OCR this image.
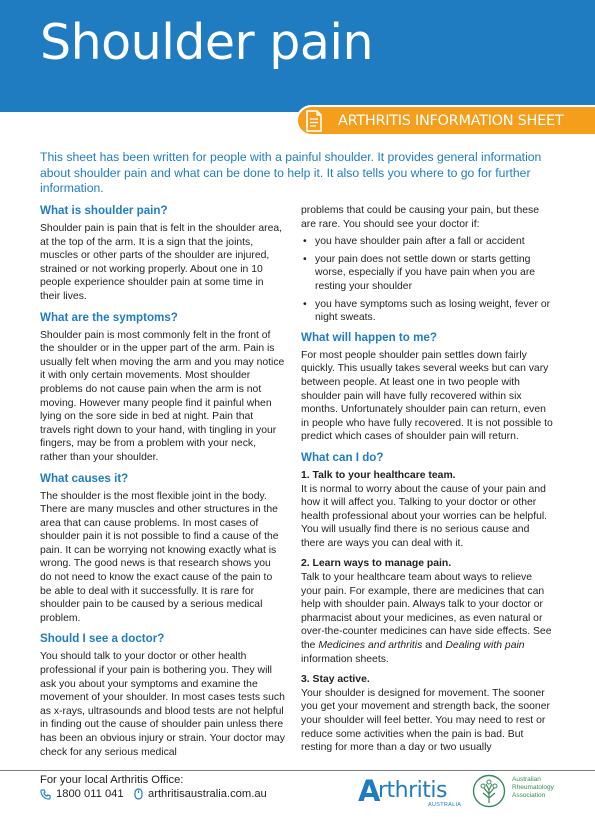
Shoulder pain
ARTHRITIS INFORMATION SHEET

This sheet has been written for people with a painful shoulder. It provides general information about shoulder pain and what can be done to help it. It also tells you where to go for further information.

What is shoulder pain?

Shoulder pain is pain that is felt in the shoulder area, at the top of the arm. It is a sign that the joints, muscles or other parts of the shoulder are injured, strained or not working properly. About one in 10 people experience shoulder pain at some time in their lives.

What are the symptoms?

Shoulder pain is most commonly felt in the front of the shoulder or in the upper part of the arm. Pain is usually felt when moving the arm and you may notice it with only certain movements. Most shoulder problems do not cause pain when the arm is not moving. However many people find it painful when lying on the sore side in bed at night. Pain that travels right down to your hand, with tingling in your fingers, may be from a problem with your neck, rather than your shoulder.

What causes it?

The shoulder is the most flexible joint in the body. There are many muscles and other structures in the area that can cause problems. In most cases of shoulder pain it is not possible to find a cause of the pain. It can be worrying not knowing exactly what is wrong. The good news is that research shows you do not need to know the exact cause of the pain to be able to deal with it successfully. It is rare for shoulder pain to be caused by a serious medical problem.

Should I see a doctor?

You should talk to your doctor or other health professional if your pain is bothering you. They will ask you about your symptoms and examine the movement of your shoulder. In most cases tests such as x-rays, ultrasounds and blood tests are not helpful in finding out the cause of shoulder pain unless there has been an obvious injury or strain. Your doctor may check for any serious medical

problems that could be causing your pain, but these are rare. You should see your doctor if:

• you have shoulder pain after a fall or accident
• your pain does not settle down or starts getting worse, especially if you have pain when you are resting your shoulder
• you have symptoms such as losing weight, fever or night sweats.
What will happen to me?

For most people shoulder pain settles down fairly quickly. This usually takes several weeks but can vary between people. At least one in two people with shoulder pain will have fully recovered within six months. Unfortunately shoulder pain can return, even in people who have fully recovered. It is not possible to predict which cases of shoulder pain will return.

What can I do?
1. Talk to your healthcare team.

It is normal to worry about the cause of your pain and how it will affect you. Talking to your doctor or other health professional about your worries can be helpful. You will usually find there is no serious cause and there are ways you can deal with it.

2. Learn ways to manage pain.

Talk to your healthcare team about ways to relieve your pain. For example, there are medicines that can help with shoulder pain. Always talk to your doctor or pharmacist about your medicines, as even natural or over-the-counter medicines can have side effects. See the Medicines and arthritis and Dealing with pain information sheets.

3. Stay active.

Your shoulder is designed for movement. The sooner you get your movement and strength back, the sooner your shoulder will feel better. You may need to rest or reduce some activities when the pain is bad. But resting for more than a day or two usually

For your local Arthritis Office:
1800 011 041 arthritisaustralia.com.au	A
rthritis
AUSTRALIA
Australian
Rheumatology
Association
